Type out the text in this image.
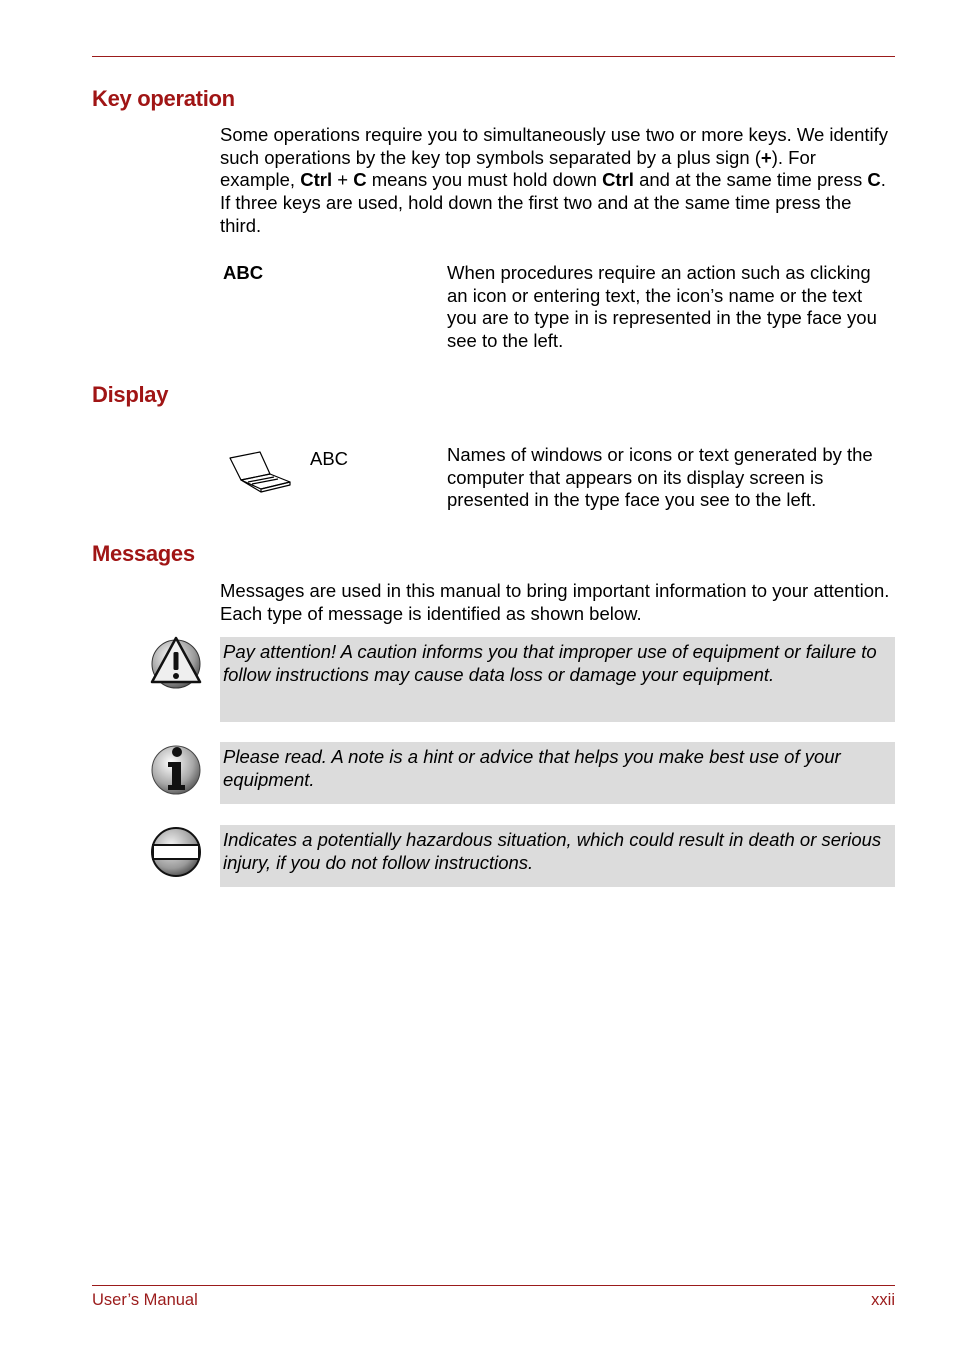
Key operation

Some operations require you to simultaneously use two or more keys. We identify such operations by the key top symbols separated by a plus sign (+). For example, Ctrl + C means you must hold down Ctrl and at the same time press C. If three keys are used, hold down the first two and at the same time press the third.

ABC	When procedures require an action such as clicking an icon or entering text, the icon’s name or the text you are to type in is represented in the type face you see to the left.

Display
ABC	Names of windows or icons or text generated by the computer that appears on its display screen is presented in the type face you see to the left.

Messages

Messages are used in this manual to bring important information to your attention. Each type of message is identified as shown below.

Pay attention! A caution informs you that improper use of equipment or failure to follow instructions may cause data loss or damage your equipment.
Please read. A note is a hint or advice that helps you make best use of your equipment.
Indicates a potentially hazardous situation, which could result in death or serious injury, if you do not follow instructions.
User’s Manual	xxii
